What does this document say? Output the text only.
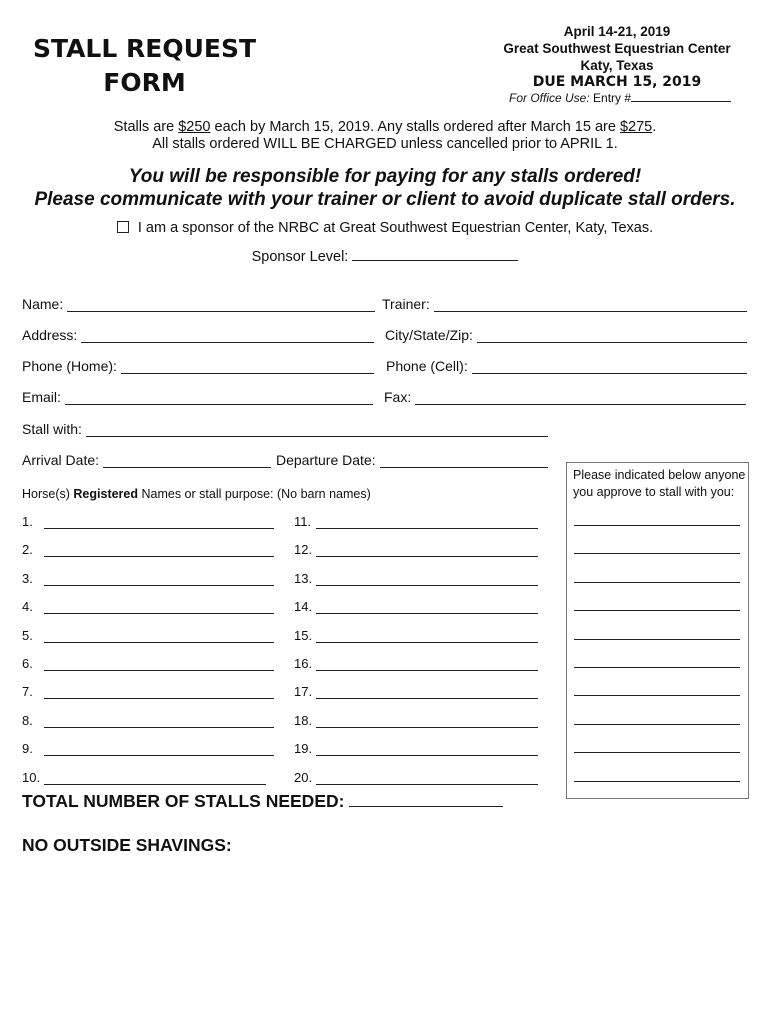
STALL REQUEST
FORM
April 14-21, 2019
Great Southwest Equestrian Center
Katy, Texas
DUE MARCH 15, 2019
For Office Use: Entry #
Stalls are $250 each by March 15, 2019. Any stalls ordered after March 15 are $275.
All stalls ordered WILL BE CHARGED unless cancelled prior to APRIL 1.
You will be responsible for paying for any stalls ordered!
Please communicate with your trainer or client to avoid duplicate stall orders.
I am a sponsor of the NRBC at Great Southwest Equestrian Center, Katy, Texas.
Sponsor Level:
Name:	Trainer:
Address:	City/State/Zip:
Phone (Home):	Phone (Cell):
Email:	Fax:
Stall with:
Arrival Date:	Departure Date:
Horse(s) Registered Names or stall purpose: (No barn names)
1.
2.
3.
4.
5.
6.
7.
8.
9.
10.
11.
12.
13.
14.
15.
16.
17.
18.
19.
20.
Please indicated below anyone
you approve to stall with you:
TOTAL NUMBER OF STALLS NEEDED:
NO OUTSIDE SHAVINGS:
